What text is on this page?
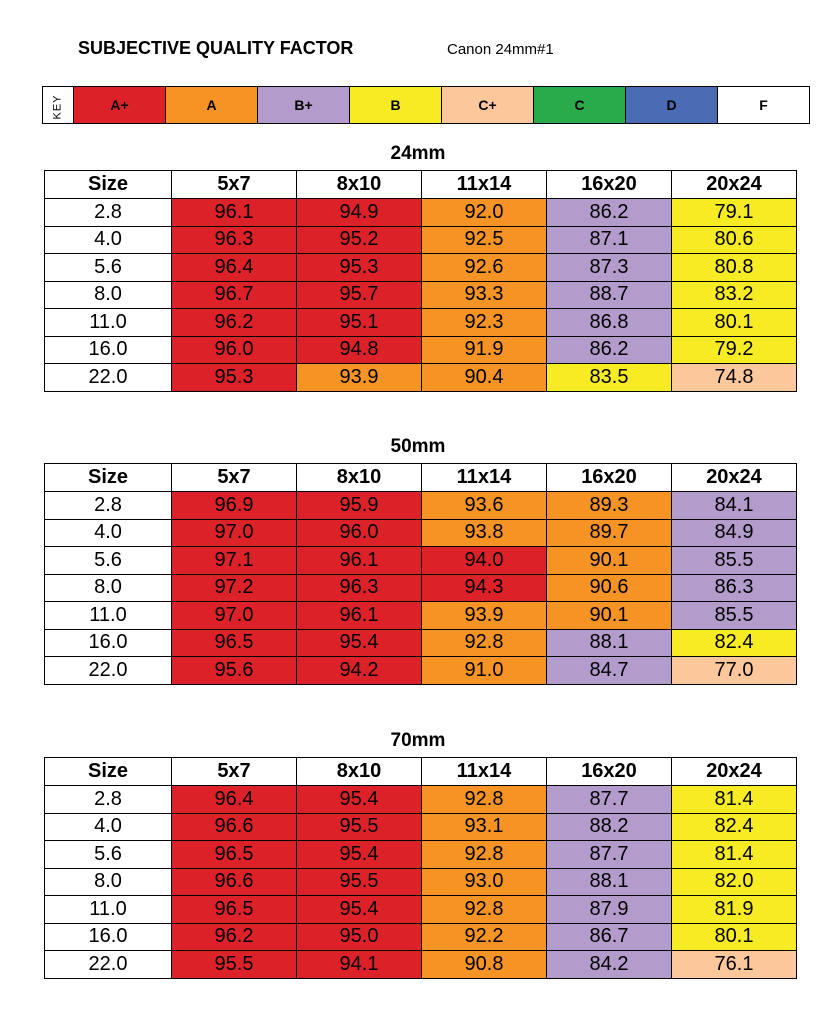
SUBJECTIVE QUALITY FACTOR	Canon 24mm#1
KEY	A+	A	B+	B	C+	C	D	F
24mm
Size	5x7	8x10	11x14	16x20	20x24
2.8	96.1	94.9	92.0	86.2	79.1
4.0	96.3	95.2	92.5	87.1	80.6
5.6	96.4	95.3	92.6	87.3	80.8
8.0	96.7	95.7	93.3	88.7	83.2
11.0	96.2	95.1	92.3	86.8	80.1
16.0	96.0	94.8	91.9	86.2	79.2
22.0	95.3	93.9	90.4	83.5	74.8
50mm
Size	5x7	8x10	11x14	16x20	20x24
2.8	96.9	95.9	93.6	89.3	84.1
4.0	97.0	96.0	93.8	89.7	84.9
5.6	97.1	96.1	94.0	90.1	85.5
8.0	97.2	96.3	94.3	90.6	86.3
11.0	97.0	96.1	93.9	90.1	85.5
16.0	96.5	95.4	92.8	88.1	82.4
22.0	95.6	94.2	91.0	84.7	77.0
70mm
Size	5x7	8x10	11x14	16x20	20x24
2.8	96.4	95.4	92.8	87.7	81.4
4.0	96.6	95.5	93.1	88.2	82.4
5.6	96.5	95.4	92.8	87.7	81.4
8.0	96.6	95.5	93.0	88.1	82.0
11.0	96.5	95.4	92.8	87.9	81.9
16.0	96.2	95.0	92.2	86.7	80.1
22.0	95.5	94.1	90.8	84.2	76.1
